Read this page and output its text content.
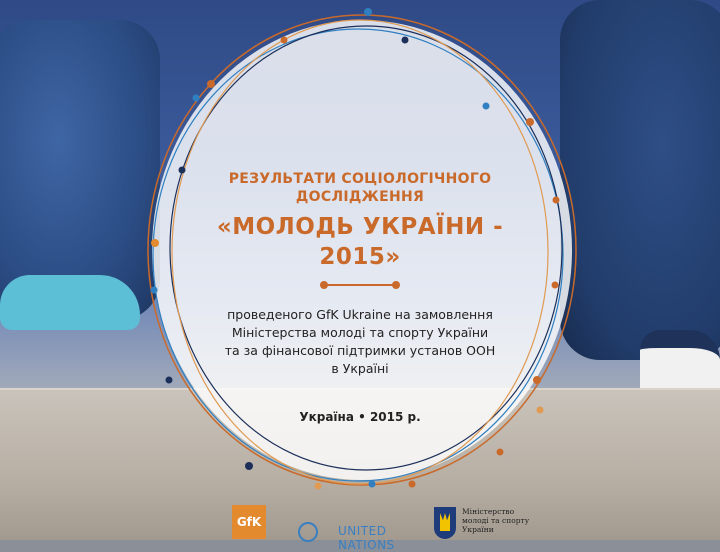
РЕЗУЛЬТАТИ СОЦІОЛОГІЧНОГО
ДОСЛІДЖЕННЯ
«МОЛОДЬ УКРАЇНИ -
2015»
проведеного GfK Ukraine на замовлення
Міністерства молоді та спорту України
та за фінансової підтримки установ ООН
в Україні
Україна • 2015 р.
GfK
UNITED NATIONS
Міністерство
молоді та спорту
України
